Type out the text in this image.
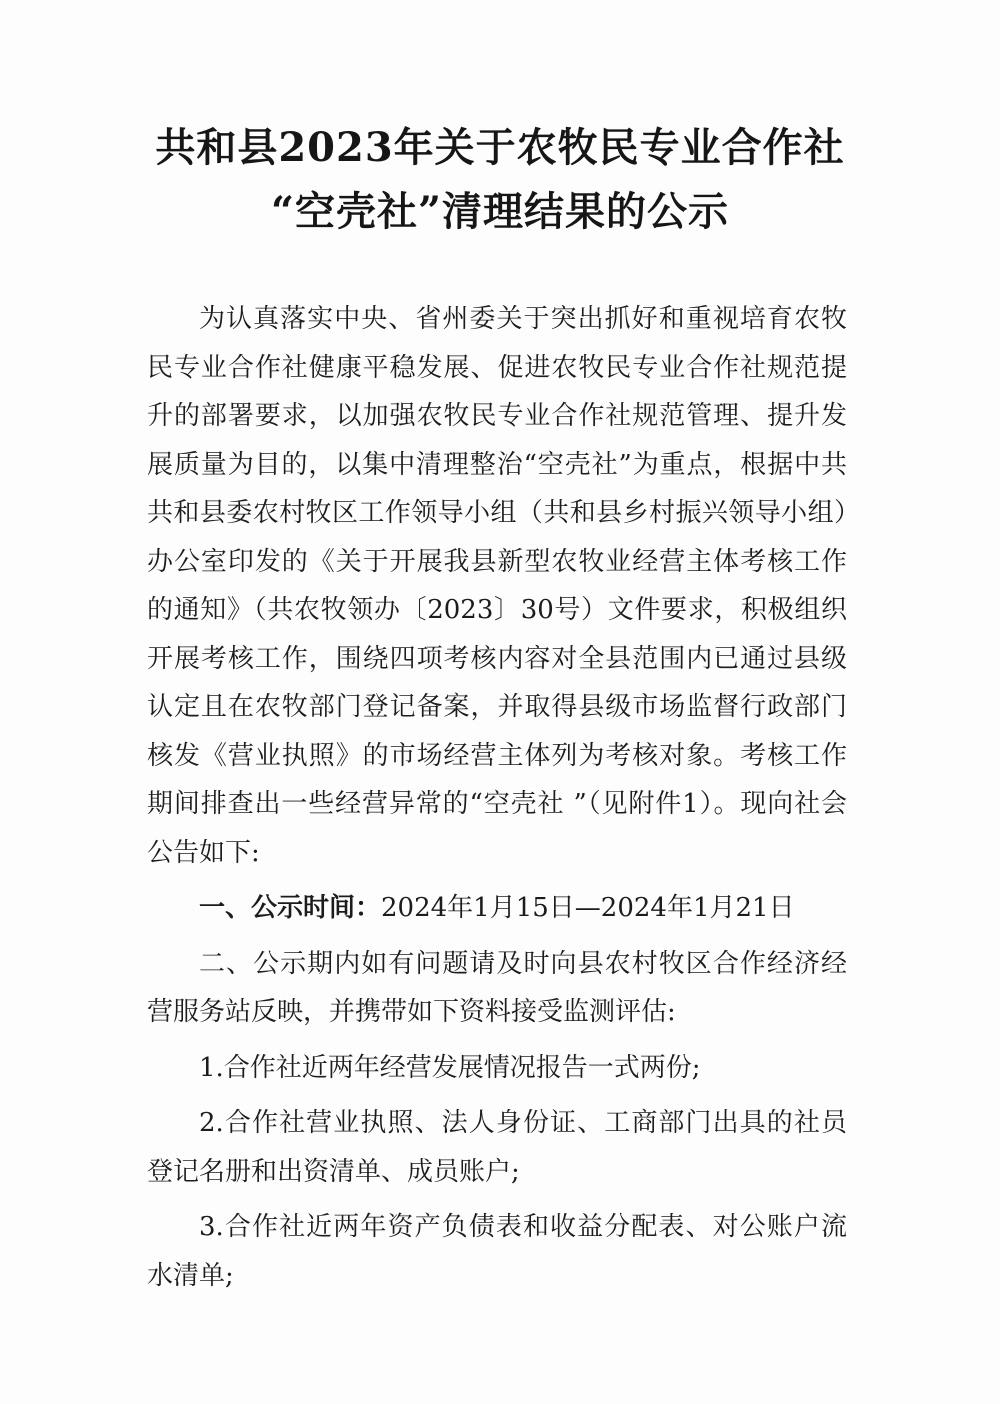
共和县2023年关于农牧民专业合作社
“空壳社”清理结果的公示

为认真落实中央、省州委关于突出抓好和重视培育农牧民专业合作社健康平稳发展、促进农牧民专业合作社规范提升的部署要求，以加强农牧民专业合作社规范管理、提升发展质量为目的，以集中清理整治“空壳社”为重点，根据中共共和县委农村牧区工作领导小组（共和县乡村振兴领导小组）办公室印发的《关于开展我县新型农牧业经营主体考核工作的通知》（共农牧领办〔2023〕30号）文件要求，积极组织开展考核工作，围绕四项考核内容对全县范围内已通过县级认定且在农牧部门登记备案，并取得县级市场监督行政部门核发《营业执照》的市场经营主体列为考核对象。考核工作期间排查出一些经营异常的“空壳社 ”（见附件1）。现向社会公告如下:

一、公示时间：2024年1月15日—2024年1月21日

二、公示期内如有问题请及时向县农村牧区合作经济经营服务站反映，并携带如下资料接受监测评估:

1.合作社近两年经营发展情况报告一式两份;

2.合作社营业执照、法人身份证、工商部门出具的社员登记名册和出资清单、成员账户;

3.合作社近两年资产负债表和收益分配表、对公账户流水清单;
